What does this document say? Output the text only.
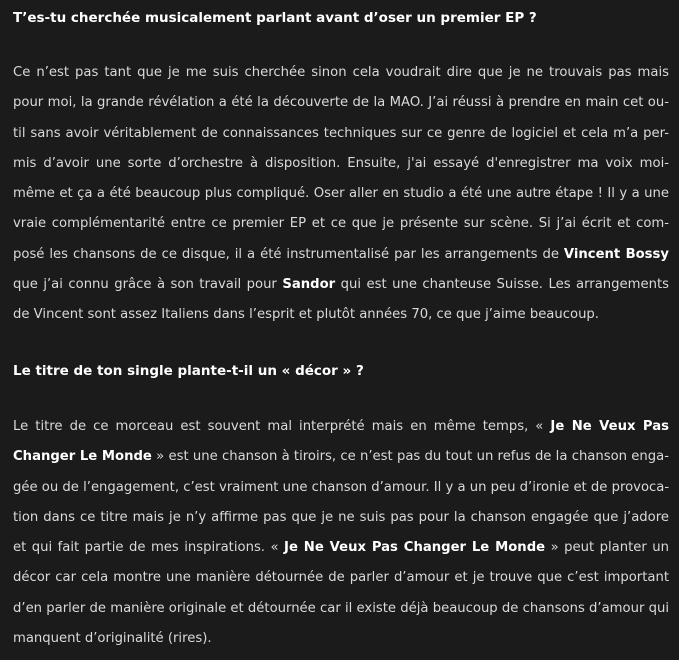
T’es-tu cherchée musicalement parlant avant d’oser un premier EP ?

Ce n’est pas tant que je me suis cherchée sinon cela voudrait dire que je ne trouvais pas mais
pour moi, la grande révélation a été la découverte de la MAO. J’ai réussi à prendre en main cet ou-
til sans avoir véritablement de connaissances techniques sur ce genre de logiciel et cela m’a per-
mis d’avoir une sorte d’orchestre à disposition. Ensuite, j'ai essayé d'enregistrer ma voix moi-
même et ça a été beaucoup plus compliqué. Oser aller en studio a été une autre étape ! Il y a une
vraie complémentarité entre ce premier EP et ce que je présente sur scène. Si j’ai écrit et com-
posé les chansons de ce disque, il a été instrumentalisé par les arrangements de Vincent Bossy
que j’ai connu grâce à son travail pour Sandor qui est une chanteuse Suisse. Les arrangements
de Vincent sont assez Italiens dans l’esprit et plutôt années 70, ce que j’aime beaucoup.

Le titre de ton single plante-t-il un « décor » ?

Le titre de ce morceau est souvent mal interprété mais en même temps, « Je Ne Veux Pas
Changer Le Monde » est une chanson à tiroirs, ce n’est pas du tout un refus de la chanson enga-
gée ou de l’engagement, c’est vraiment une chanson d’amour. Il y a un peu d’ironie et de provoca-
tion dans ce titre mais je n’y affirme pas que je ne suis pas pour la chanson engagée que j’adore
et qui fait partie de mes inspirations. « Je Ne Veux Pas Changer Le Monde » peut planter un
décor car cela montre une manière détournée de parler d’amour et je trouve que c’est important
d’en parler de manière originale et détournée car il existe déjà beaucoup de chansons d’amour qui
manquent d’originalité (rires).
